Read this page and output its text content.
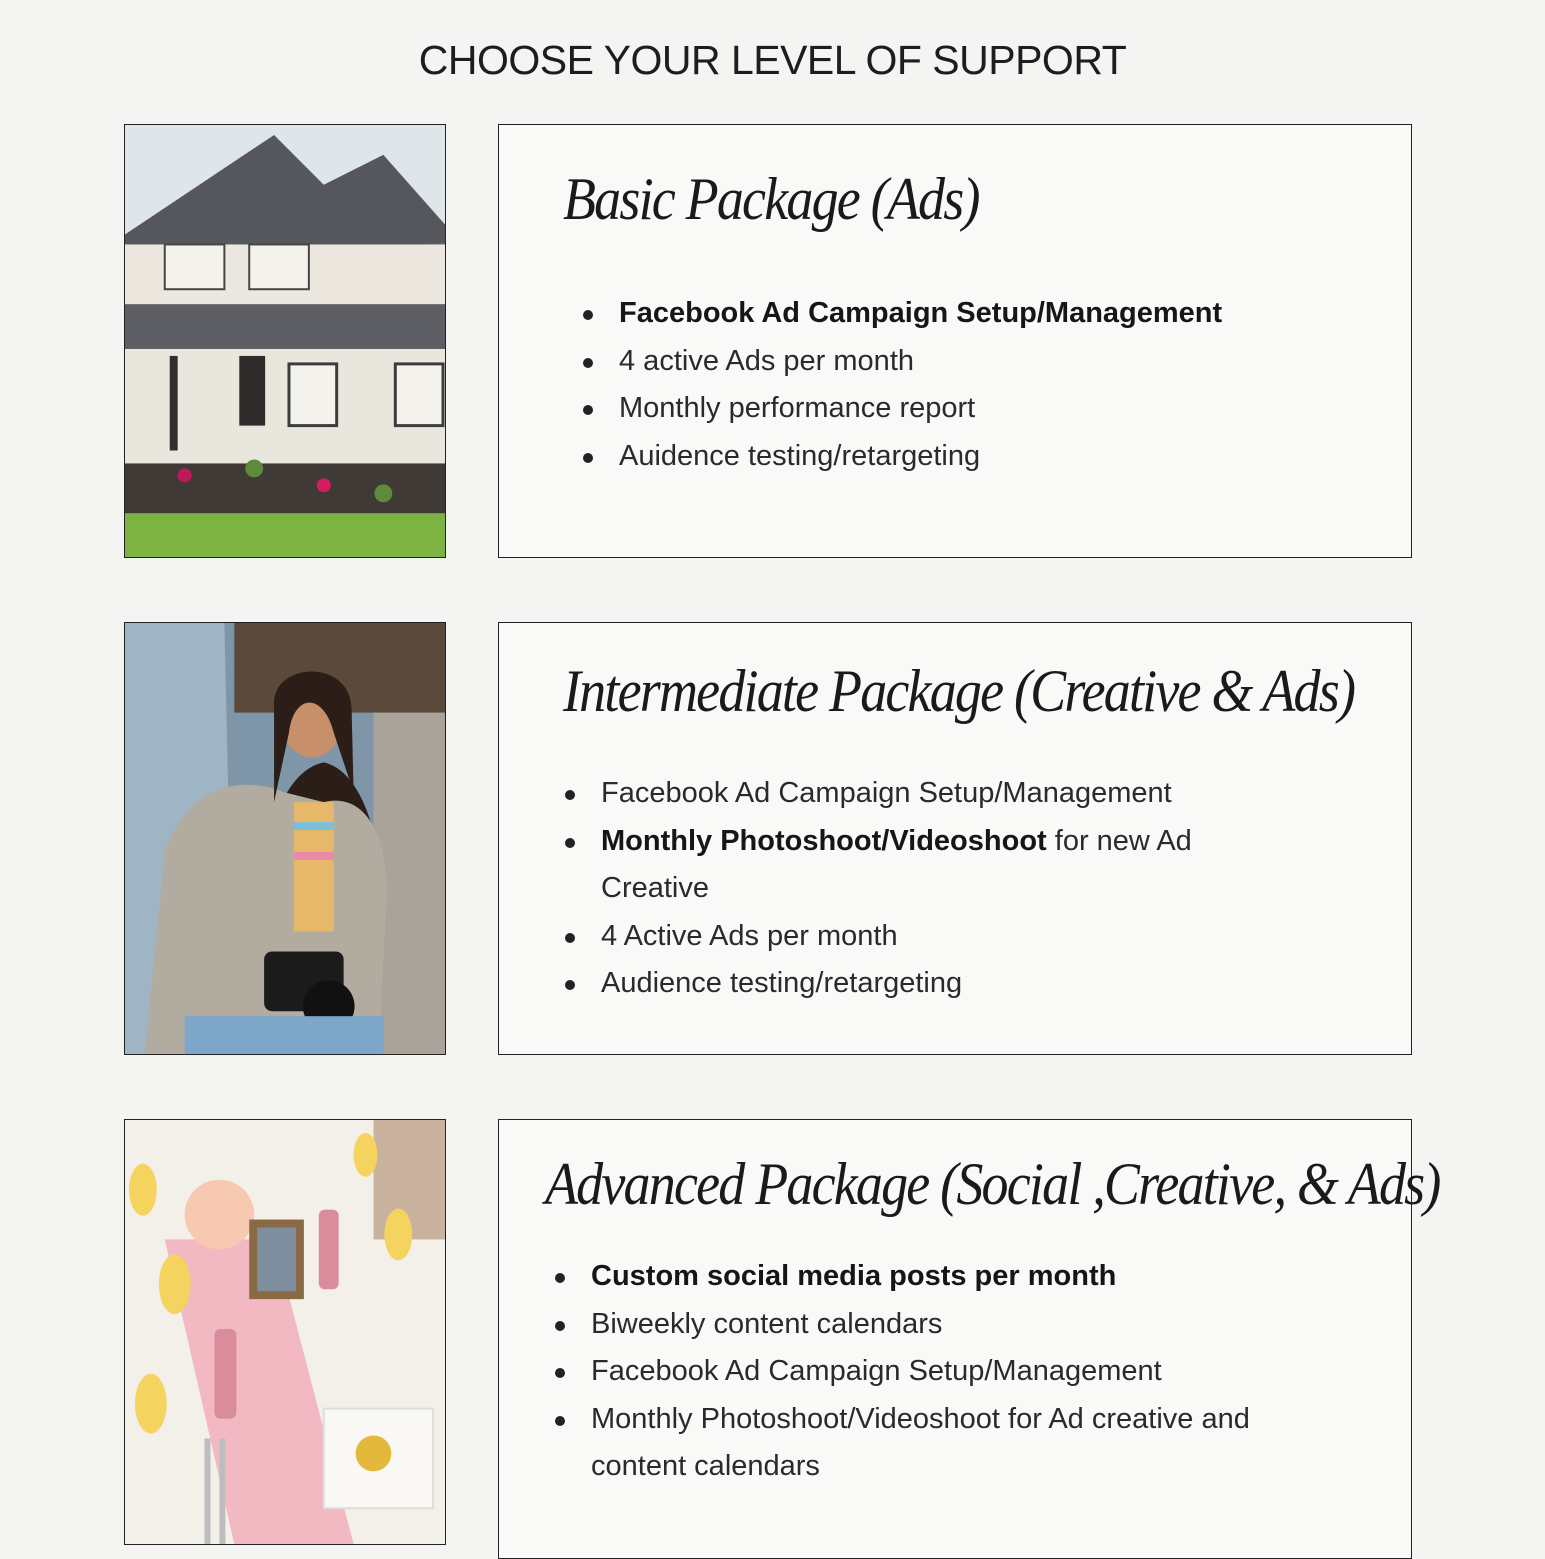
CHOOSE YOUR LEVEL OF SUPPORT
Basic Package (Ads)
Facebook Ad Campaign Setup/Management
4 active Ads per month
Monthly performance report
Auidence testing/retargeting
Intermediate Package (Creative & Ads)
Facebook Ad Campaign Setup/Management
Monthly Photoshoot/Videoshoot for new Ad Creative
4 Active Ads per month
Audience testing/retargeting
Advanced Package (Social ,Creative, & Ads)
Custom social media posts per month
Biweekly content calendars
Facebook Ad Campaign Setup/Management
Monthly Photoshoot/Videoshoot for Ad creative and content calendars
